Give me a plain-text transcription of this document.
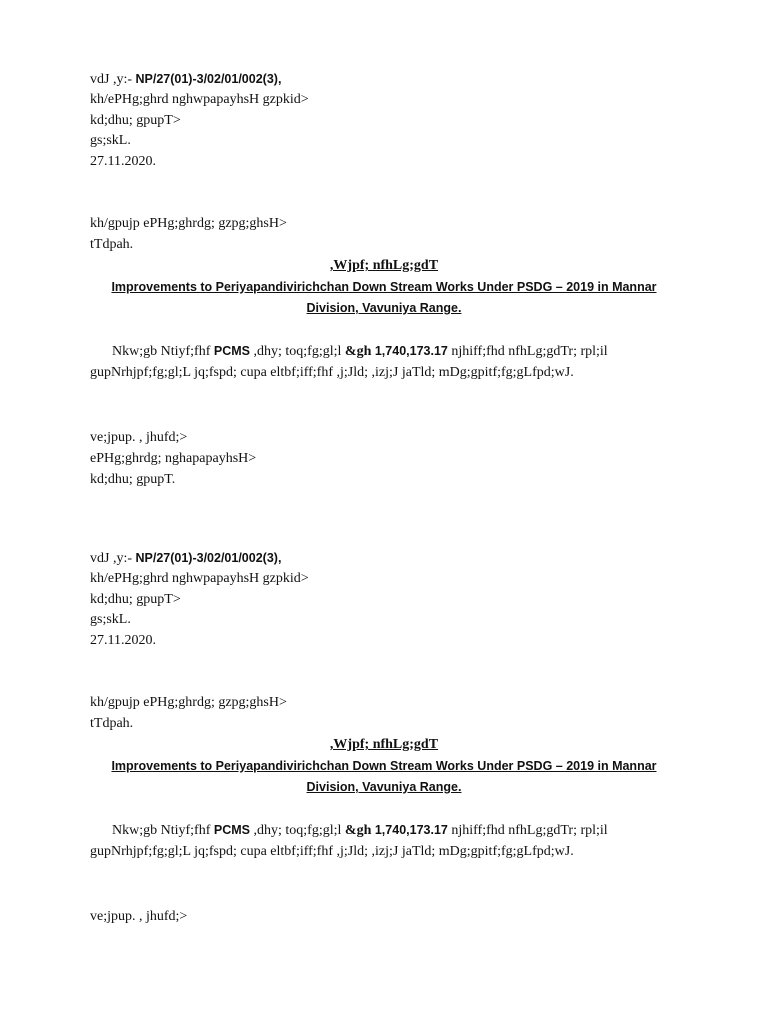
vdJ ,y:- NP/27(01)-3/02/01/002(3),
kh/ePHg;ghrd nghwpapayhsH gzpkid>
kd;dhu; gpupT>
gs;skL.
27.11.2020.
kh/gpujp ePHg;ghrdg; gzpg;ghsH>
tTdpah.
,Wjpf; nfhLg;gdT
Improvements to Periyapandivirichchan Down Stream Works Under PSDG – 2019 in Mannar
Division, Vavuniya Range.
Nkw;gb Ntiyf;fhf PCMS ,dhy; toq;fg;gl;l &gh 1,740,173.17 njhiff;fhd nfhLg;gdTr; rpl;il gupNrhjpf;fg;gl;L jq;fspd; cupa eltbf;iff;fhf ,j;Jld; ,izj;J jaTld; mDg;gpitf;fg;gLfpd;wJ.
ve;jpup. , jhufd;>
ePHg;ghrdg; nghapapayhsH>
kd;dhu; gpupT.
vdJ ,y:- NP/27(01)-3/02/01/002(3),
kh/ePHg;ghrd nghwpapayhsH gzpkid>
kd;dhu; gpupT>
gs;skL.
27.11.2020.
kh/gpujp ePHg;ghrdg; gzpg;ghsH>
tTdpah.
,Wjpf; nfhLg;gdT
Improvements to Periyapandivirichchan Down Stream Works Under PSDG – 2019 in Mannar
Division, Vavuniya Range.
Nkw;gb Ntiyf;fhf PCMS ,dhy; toq;fg;gl;l &gh 1,740,173.17 njhiff;fhd nfhLg;gdTr; rpl;il gupNrhjpf;fg;gl;L jq;fspd; cupa eltbf;iff;fhf ,j;Jld; ,izj;J jaTld; mDg;gpitf;fg;gLfpd;wJ.
ve;jpup. , jhufd;>
